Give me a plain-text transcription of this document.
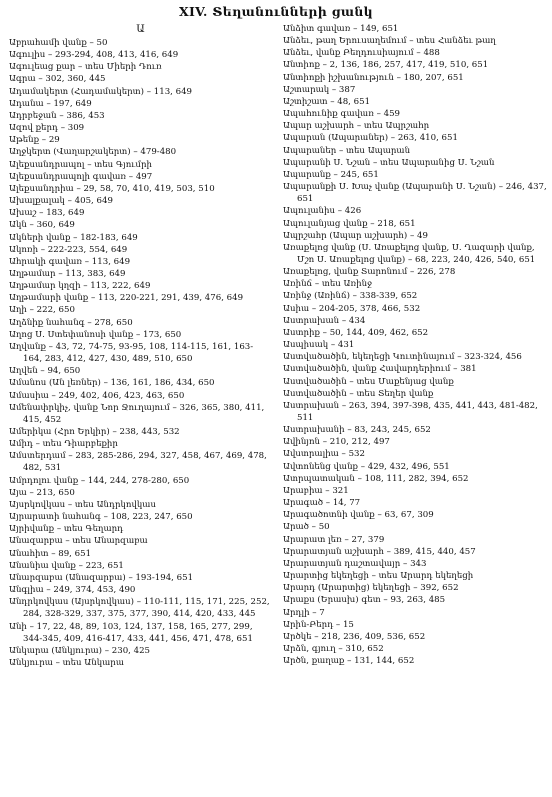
XIV. Տեղանունների ցանկ
Ա
Աբրահամի վանք – 50
Ագուլիս – 293-294, 408, 413, 416, 649
Ագուլեաց քար – տես Միերի Դուռ
Ագրա – 302, 360, 445
Ադամակերտ (Հադամակերտ) – 113, 649
Ադանա – 197, 649
Ադրբեջան – 386, 453
Ազով քերդ – 309
Աթենք – 29
Աղջկերտ (Վաղարշակերտ) – 479-480
Ալեքսանդրապոլ – տես Գյումրի
Ալեքսանդրապոլի գավառ – 497
Ալեքսանդրիա – 29, 58, 70, 410, 419, 503, 510
Ախալքալակ – 405, 649
Ախաշ – 183, 649
Ակն – 360, 649
Ակների վանք – 182-183, 649
Ակոռի – 222-223, 554, 649
Ահրակի գավառ – 113, 649
Աղթամար – 113, 383, 649
Աղթամար կղզի – 113, 222, 649
Աղթամարի վանք – 113, 220-221, 291, 439, 476, 649
Աղի – 222, 650
Աղձնիք նահանգ – 278, 650
Աղոց Ս. Ստեփանոսի վանք – 173, 650
Աղվանք – 43, 72, 74-75, 93-95, 108, 114-115, 161, 163-164, 283, 412, 427, 430, 489, 510, 650
Աղվեն – 94, 650
Ամանոս (Ան լեռներ) – 136, 161, 186, 434, 650
Ամասիա – 249, 402, 406, 423, 463, 650
Ամենափրկիչ, վանք Նոր Ջուղայում – 326, 365, 380, 411, 415, 452
Ամերիկա (Հրո Երկիր) – 238, 443, 532
Ամիդ – տես Դիարբեքիր
Ամստերդամ – 283, 285-286, 294, 327, 458, 467, 469, 478, 482, 531
Ամրդոլու վանք – 144, 244, 278-280, 650
Այա – 213, 650
Այսրկովկաս – տես Անդրկովկաս
Այրարատի նահանգ – 108, 223, 247, 650
Այրիվանք – տես Գեղարդ
Անազարբա – տես Անարզաբա
Անահիտ – 89, 651
Անանիա վանք – 223, 651
Անարզաբա (Անազարբա) – 193-194, 651
Անգլիա – 249, 374, 453, 490
Անդրկովկաս (Այսրկովկաս) – 110-111, 115, 171, 225, 252, 284, 328-329, 337, 375, 377, 390, 414, 420, 433, 445
Անի – 17, 22, 48, 89, 103, 124, 137, 158, 165, 277, 299, 344-345, 409, 416-417, 433, 441, 456, 471, 478, 651
Անկարա (Անկյուրա) – 230, 425
Անկյուրա – տես Անկարա
Անձիտ գավառ – 149, 651
Անձեւ, թաղ Երուսաղեմում – տես Հանձեւ թաղ
Անձեւ, վանք Բեղդուսիայում – 488
Անտիոք – 2, 136, 186, 257, 417, 419, 510, 651
Անտիոքի իշխանություն – 180, 207, 651
Աշտարակ – 387
Աշտիշատ – 48, 651
Ապահունիք գավառ – 459
Ապար աշխարհ – տես Ապրշահր
Ապարան (Ապարաներ) – 263, 410, 651
Ապարաներ – տես Ապարան
Ապարանի Ս. Նշան – տես Ապարանից Ս. Նշան
Ապարանք – 245, 651
Ապարանքի Ս. Խաչ վանք (Ապարանի Ս. Նշան) – 246, 437, 651
Ապուլանիս – 426
Ապուլանյաց վանք – 218, 651
Ապրշահր (Ապար աշխարհ) – 49
Առաքելոց վանք (Ս. Առաքելոց վանք, Ս. Ղազարի վանք, Մշո Ս. Առաքելոց վանք) – 68, 223, 240, 426, 540, 651
Առաքելոց, վանք Տարոնում – 226, 278
Առինճ – տես Առինջ
Առինջ (Առինճ) – 338-339, 652
Ասիա – 204-205, 378, 466, 532
Աստրախան – 434
Աստրիք – 50, 144, 409, 462, 652
Ասպիսակ – 431
Աստվածածին, եկեղեցի Կուտինայում – 323-324, 456
Աստվածածին, վանք Հավարդերիում – 381
Աստվածածին – տես Մաքենյաց վանք
Աստվածածին – տես Տեղեր վանք
Աստրախան – 263, 394, 397-398, 435, 441, 443, 481-482, 511
Աստրախանի – 83, 243, 245, 652
Ավինյոն – 210, 212, 497
Ավստրալիա – 532
Ավտոնենց վանք – 429, 432, 496, 551
Ատրպատական – 108, 111, 282, 394, 652
Արաբիա – 321
Արագած – 14, 77
Արագածոտնի վանք – 63, 67, 309
Արած – 50
Արարատ լեռ – 27, 379
Արարատյան աշխարհ – 389, 415, 440, 457
Արարատյան դաշտավայր – 343
Արարտից եկեղեցի – տես Արարդ եկեղեցի
Արարդ (Արարտից) եկեղեցի – 392, 652
Արաքս (Երասխ) գետ – 93, 263, 485
Արդլի – 7
Արին-Բերդ – 15
Արծկե – 218, 236, 409, 536, 652
Արձն, գյուղ – 310, 652
Արծն, քաղաք – 131, 144, 652
